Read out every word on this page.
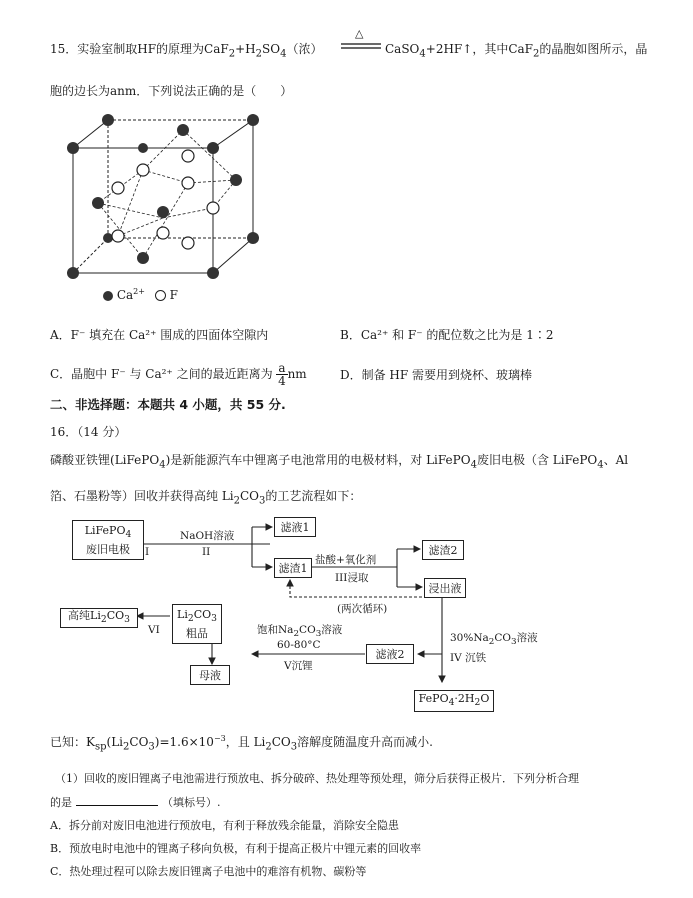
15．实验室制取HF的原理为$CaF_2+H_2SO_4$（浓）
△
CaSO$_4$+2HF↑，其中CaF$_2$的晶胞如图所示，晶
胞的边长为anm．下列说法正确的是（　　）
$Ca^{2+}$ F
A．F⁻ 填充在 Ca²⁺ 围成的四面体空隙内	B．Ca²⁺ 和 F⁻ 的配位数之比为是 1∶2
C．晶胞中 F⁻ 与 Ca²⁺ 之间的最近距离为 $\frac{a}{4}$ nm	D．制备 HF 需要用到烧杯、玻璃棒
二、非选择题：本题共 4 小题，共 55 分.
16．（14 分）
磷酸亚铁锂(LiFePO$_4$)是新能源汽车中锂离子电池常用的电极材料，对 LiFePO$_4$废旧电极（含 LiFePO$_4$、Al
箔、石墨粉等）回收并获得高纯 $Li_2CO_3$的工艺流程如下：
LiFePO$_4$
废旧电极 I
NaOH溶液
II
滤液1
滤渣1
盐酸+氧化剂
III浸取
滤渣2
浸出液
(两次循环)
$30\%Na_2CO_3$溶液
IV 沉铁
$FePO_4\cdot 2H_2O$
滤液2
饱和$Na_2CO_3$溶液
60-80°C
V沉锂
$Li_2CO_3$
粗品
母液
VI
高纯$Li_2CO_3$
已知：$K_{sp}(Li_2CO_3)=1.6\times 10^{-3}$，且 $Li_2CO_3$溶解度随温度升高而减小.
（1）回收的废旧锂离子电池需进行预放电、拆分破碎、热处理等预处理，筛分后获得正极片．下列分析合理
的是	（填标号）.
A．拆分前对废旧电池进行预放电，有利于释放残余能量，消除安全隐患
B．预放电时电池中的锂离子移向负极，有利于提高正极片中锂元素的回收率
C．热处理过程可以除去废旧锂离子电池中的难溶有机物、碳粉等
